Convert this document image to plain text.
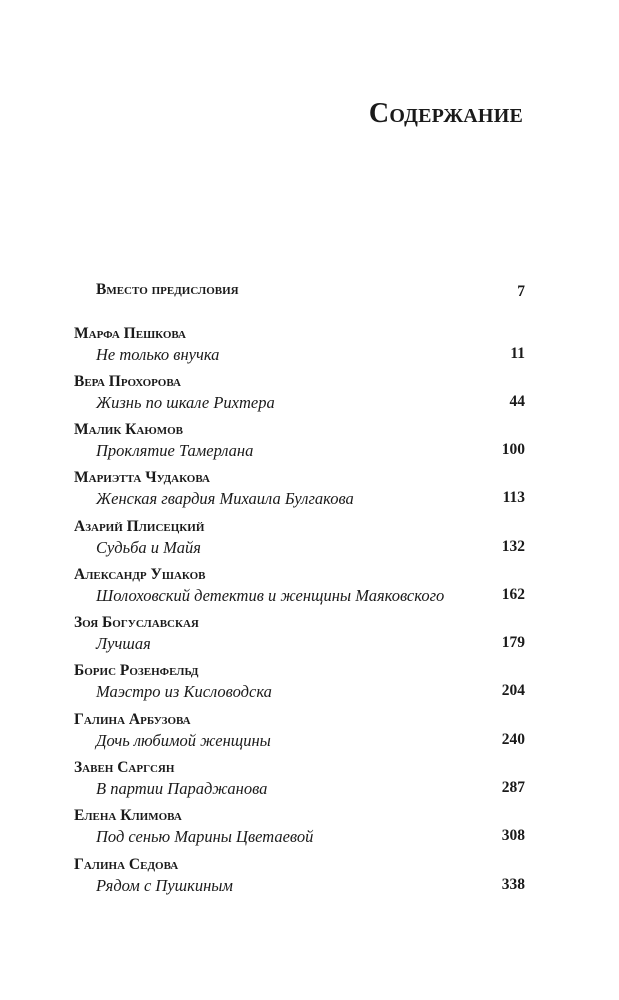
Содержание
Вместо предисловия	7
Марфа Пешкова
Не только внучка	11
Вера Прохорова
Жизнь по шкале Рихтера	44
Малик Каюмов
Проклятие Тамерлана	100
Мариэтта Чудакова
Женская гвардия Михаила Булгакова	113
Азарий Плисецкий
Судьба и Майя	132
Александр Ушаков
Шолоховский детектив и женщины Маяковского	162
Зоя Богуславская
Лучшая	179
Борис Розенфельд
Маэстро из Кисловодска	204
Галина Арбузова
Дочь любимой женщины	240
Завен Саргсян
В партии Параджанова	287
Елена Климова
Под сенью Марины Цветаевой	308
Галина Седова
Рядом с Пушкиным	338
